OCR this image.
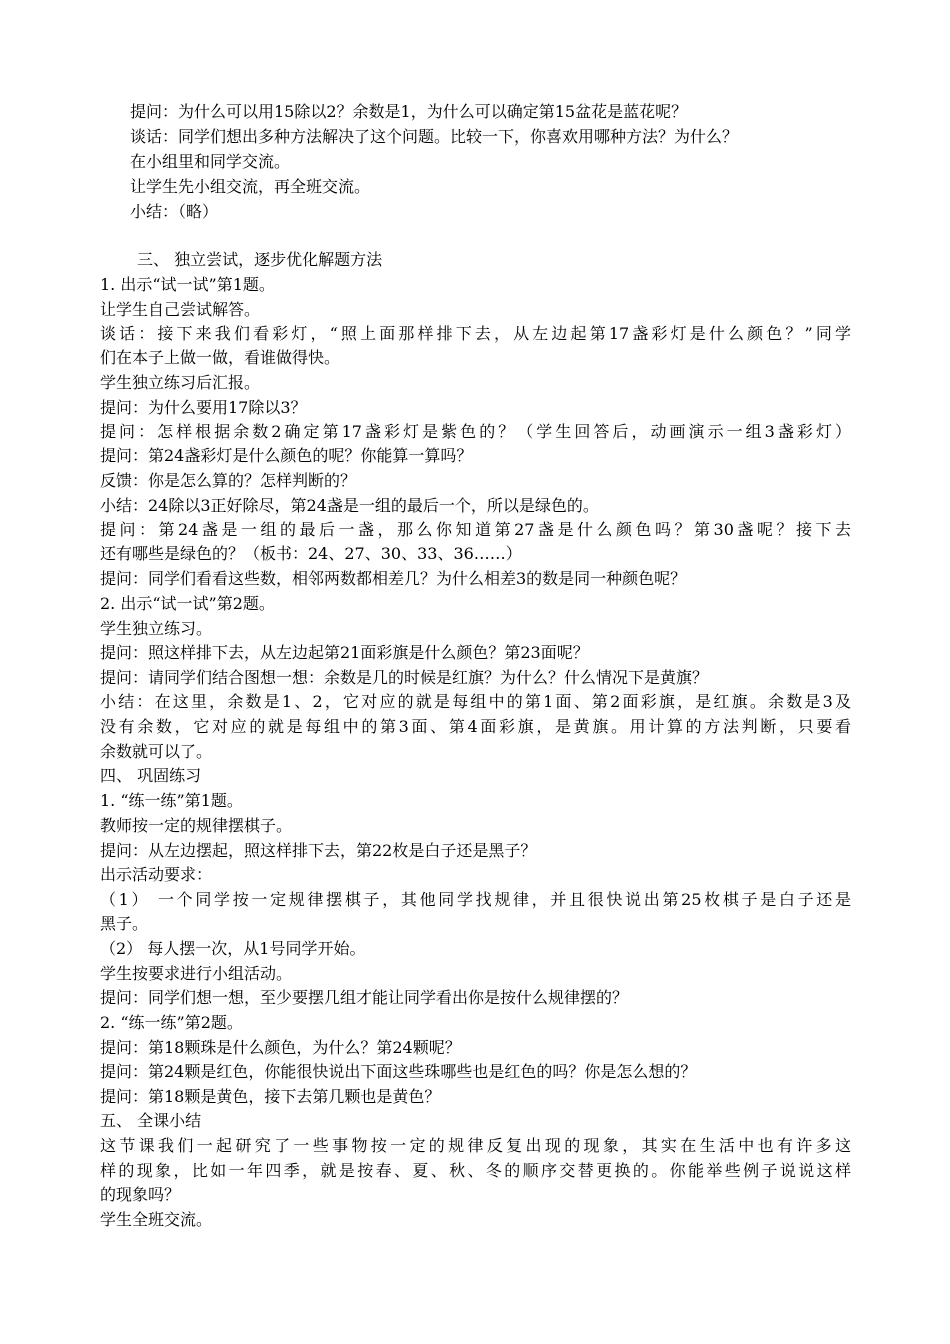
提问：为什么可以用15除以2？余数是1，为什么可以确定第15盆花是蓝花呢？
谈话：同学们想出多种方法解决了这个问题。比较一下，你喜欢用哪种方法？为什么？
在小组里和同学交流。
让学生先小组交流，再全班交流。
小结：（略）
三、 独立尝试，逐步优化解题方法
1. 出示“试一试”第1题。
让学生自己尝试解答。
谈话：接下来我们看彩灯，“照上面那样排下去，从左边起第17盏彩灯是什么颜色？”同学
们在本子上做一做，看谁做得快。
学生独立练习后汇报。
提问：为什么要用17除以3？
提问：怎样根据余数2确定第17盏彩灯是紫色的？（学生回答后，动画演示一组3盏彩灯）
提问：第24盏彩灯是什么颜色的呢？你能算一算吗？
反馈：你是怎么算的？怎样判断的？
小结：24除以3正好除尽，第24盏是一组的最后一个，所以是绿色的。
提问：第24盏是一组的最后一盏，那么你知道第27盏是什么颜色吗？第30盏呢？接下去
还有哪些是绿色的？（板书：24、27、30、33、36……）
提问：同学们看看这些数，相邻两数都相差几？为什么相差3的数是同一种颜色呢？
2. 出示“试一试”第2题。
学生独立练习。
提问：照这样排下去，从左边起第21面彩旗是什么颜色？第23面呢？
提问：请同学们结合图想一想：余数是几的时候是红旗？为什么？什么情况下是黄旗？
小结：在这里，余数是1、2，它对应的就是每组中的第1面、第2面彩旗，是红旗。余数是3及
没有余数，它对应的就是每组中的第3面、第4面彩旗，是黄旗。用计算的方法判断，只要看
余数就可以了。
四、 巩固练习
1. “练一练”第1题。
教师按一定的规律摆棋子。
提问：从左边摆起，照这样排下去，第22枚是白子还是黑子？
出示活动要求：
（1） 一个同学按一定规律摆棋子，其他同学找规律，并且很快说出第25枚棋子是白子还是
黑子。
（2） 每人摆一次，从1号同学开始。
学生按要求进行小组活动。
提问：同学们想一想，至少要摆几组才能让同学看出你是按什么规律摆的？
2. “练一练”第2题。
提问：第18颗珠是什么颜色，为什么？第24颗呢？
提问：第24颗是红色，你能很快说出下面这些珠哪些也是红色的吗？你是怎么想的？
提问：第18颗是黄色，接下去第几颗也是黄色？
五、 全课小结
这节课我们一起研究了一些事物按一定的规律反复出现的现象，其实在生活中也有许多这
样的现象，比如一年四季，就是按春、夏、秋、冬的顺序交替更换的。你能举些例子说说这样
的现象吗？
学生全班交流。
